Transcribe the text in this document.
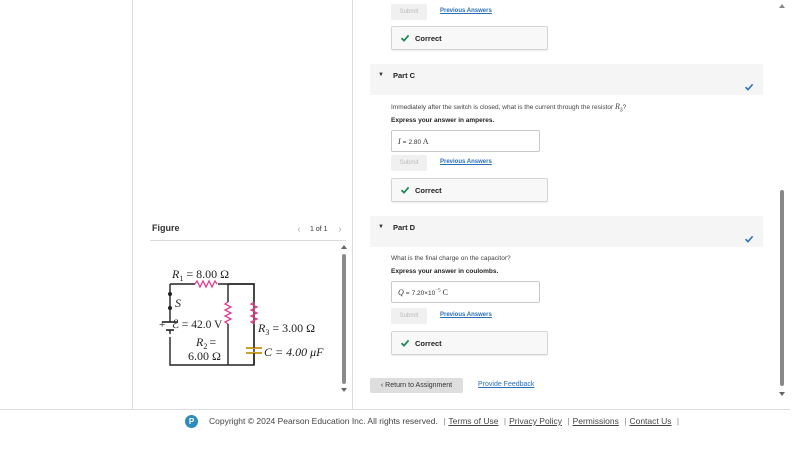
Figure	‹	1 of 1	›
$R_1 = 8.00$ Ω
S
+ ℰ = 42.0 V
$R_2$ =
6.00 Ω
$R_3 = 3.00$ Ω
C = 4.00 μF
Submit	Previous Answers
Correct
▼ Part C
Immediately after the switch is closed, what is the current through the resistor $R_3$?
Express your answer in amperes.
I = 2.80 A
Submit	Previous Answers
Correct
▼ Part D
What is the final charge on the capacitor?
Express your answer in coulombs.
$Q = 7.20\times 10^{-5}$ C
Submit	Previous Answers
Correct
‹ Return to Assignment	Provide Feedback
P	Copyright © 2024 Pearson Education Inc. All rights reserved. | Terms of Use | Privacy Policy | Permissions | Contact Us |
